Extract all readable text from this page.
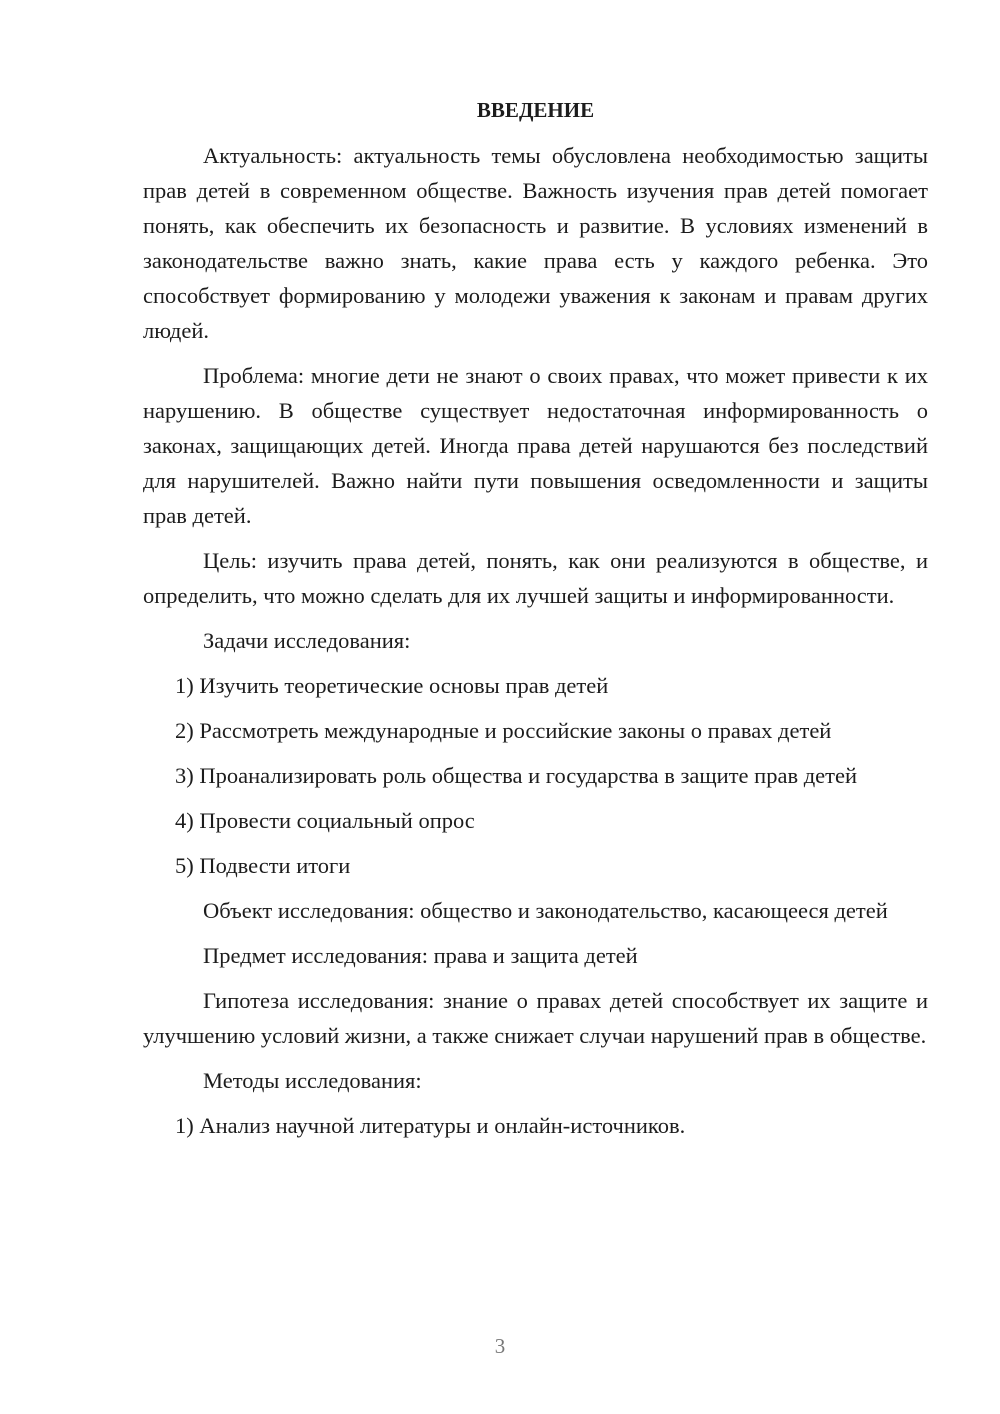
ВВЕДЕНИЕ
Актуальность: актуальность темы обусловлена необходимостью защиты прав детей в современном обществе. Важность изучения прав детей помогает понять, как обеспечить их безопасность и развитие. В условиях изменений в законодательстве важно знать, какие права есть у каждого ребенка. Это способствует формированию у молодежи уважения к законам и правам других людей.
Проблема: многие дети не знают о своих правах, что может привести к их нарушению. В обществе существует недостаточная информированность о законах, защищающих детей. Иногда права детей нарушаются без последствий для нарушителей. Важно найти пути повышения осведомленности и защиты прав детей.
Цель: изучить права детей, понять, как они реализуются в обществе, и определить, что можно сделать для их лучшей защиты и информированности.
Задачи исследования:
1) Изучить теоретические основы прав детей
2) Рассмотреть международные и российские законы о правах детей
3) Проанализировать роль общества и государства в защите прав детей
4) Провести социальный опрос
5) Подвести итоги
Объект исследования: общество и законодательство, касающееся детей
Предмет исследования: права и защита детей
Гипотеза исследования: знание о правах детей способствует их защите и улучшению условий жизни, а также снижает случаи нарушений прав в обществе.
Методы исследования:
1) Анализ научной литературы и онлайн-источников.
3
